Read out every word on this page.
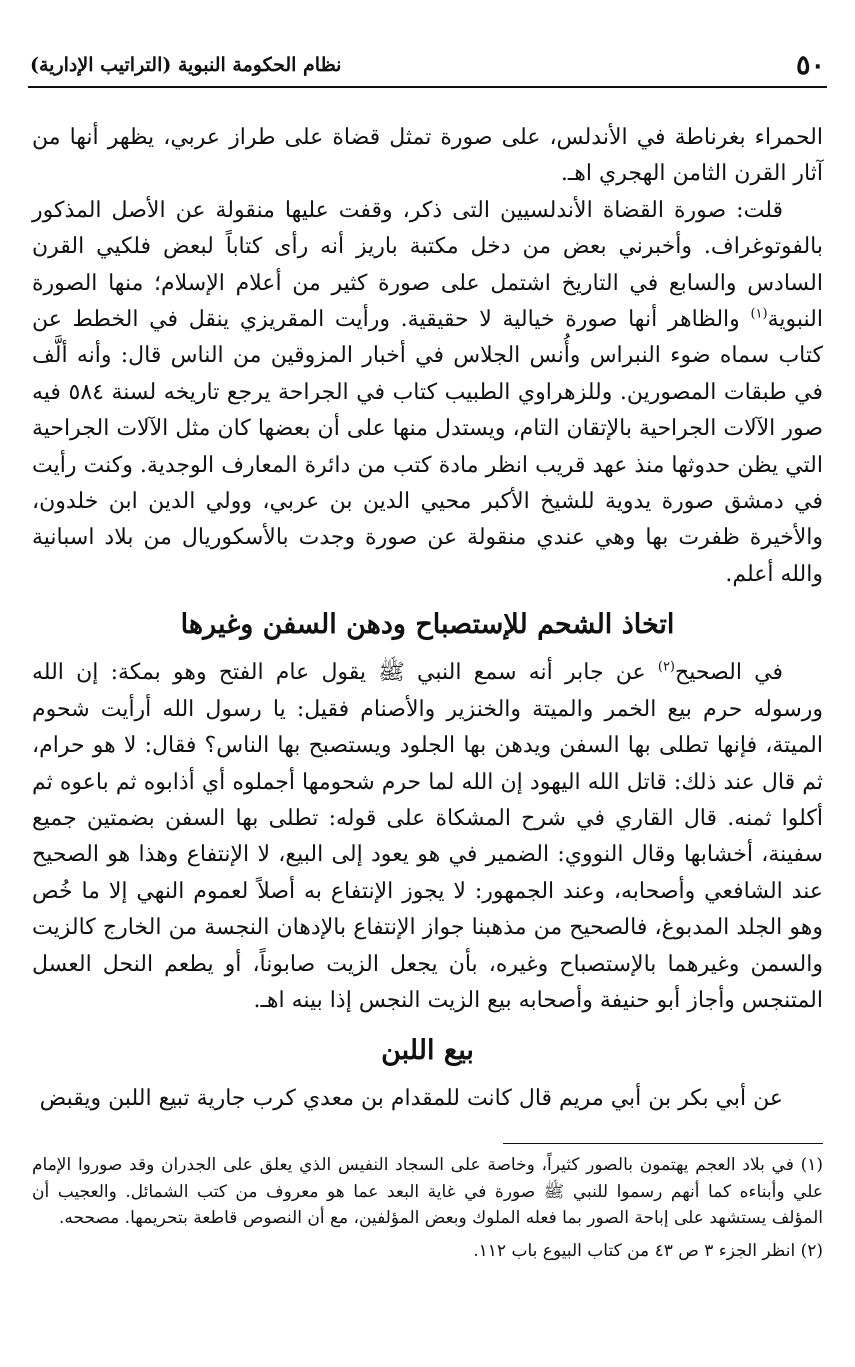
٥٠
نظام الحكومة النبوية (التراتيب الإدارية)

الحمراء بغرناطة في الأندلس، على صورة تمثل قضاة على طراز عربي، يظهر أنها من آثار القرن الثامن الهجري اهـ.

قلت: صورة القضاة الأندلسيين التى ذكر، وقفت عليها منقولة عن الأصل المذكور بالفوتوغراف. وأخبرني بعض من دخل مكتبة باريز أنه رأى كتاباً لبعض فلكيي القرن السادس والسابع في التاريخ اشتمل على صورة كثير من أعلام الإسلام؛ منها الصورة النبوية$^{(١)}$ والظاهر أنها صورة خيالية لا حقيقية. ورأيت المقريزي ينقل في الخطط عن كتاب سماه ضوء النبراس وأُنس الجلاس في أخبار المزوقين من الناس قال: وأنه ألَّف في طبقات المصورين. وللزهراوي الطبيب كتاب في الجراحة يرجع تاريخه لسنة ٥٨٤ فيه صور الآلات الجراحية بالإتقان التام، ويستدل منها على أن بعضها كان مثل الآلات الجراحية التي يظن حدوثها منذ عهد قريب انظر مادة كتب من دائرة المعارف الوجدية. وكنت رأيت في دمشق صورة يدوية للشيخ الأكبر محيي الدين بن عربي، وولي الدين ابن خلدون، والأخيرة ظفرت بها وهي عندي منقولة عن صورة وجدت بالأسكوريال من بلاد اسبانية والله أعلم.

اتخاذ الشحم للإستصباح ودهن السفن وغيرها

في الصحيح$^{(٢)}$ عن جابر أنه سمع النبي ﷺ يقول عام الفتح وهو بمكة: إن الله ورسوله حرم بيع الخمر والميتة والخنزير والأصنام فقيل: يا رسول الله أرأيت شحوم الميتة، فإنها تطلى بها السفن ويدهن بها الجلود ويستصبح بها الناس؟ فقال: لا هو حرام، ثم قال عند ذلك: قاتل الله اليهود إن الله لما حرم شحومها أجملوه أي أذابوه ثم باعوه ثم أكلوا ثمنه. قال القاري في شرح المشكاة على قوله: تطلى بها السفن بضمتين جميع سفينة، أخشابها وقال النووي: الضمير في هو يعود إلى البيع، لا الإنتفاع وهذا هو الصحيح عند الشافعي وأصحابه، وعند الجمهور: لا يجوز الإنتفاع به أصلاً لعموم النهي إلا ما خُص وهو الجلد المدبوغ، فالصحيح من مذهبنا جواز الإنتفاع بالإدهان النجسة من الخارج كالزيت والسمن وغيرهما بالإستصباح وغيره، بأن يجعل الزيت صابوناً، أو يطعم النحل العسل المتنجس وأجاز أبو حنيفة وأصحابه بيع الزيت النجس إذا بينه اهـ.

بيع اللبن

عن أبي بكر بن أبي مريم قال كانت للمقدام بن معدي كرب جارية تبيع اللبن ويقبض

(١) في بلاد العجم يهتمون بالصور كثيراً، وخاصة على السجاد النفيس الذي يعلق على الجدران وقد صوروا الإمام علي وأبناءه كما أنهم رسموا للنبي ﷺ صورة في غاية البعد عما هو معروف من كتب الشمائل. والعجيب أن المؤلف يستشهد على إباحة الصور بما فعله الملوك وبعض المؤلفين، مع أن النصوص قاطعة بتحريمها. مصححه.

(٢) انظر الجزء ٣ ص ٤٣ من كتاب البيوع باب ١١٢.
